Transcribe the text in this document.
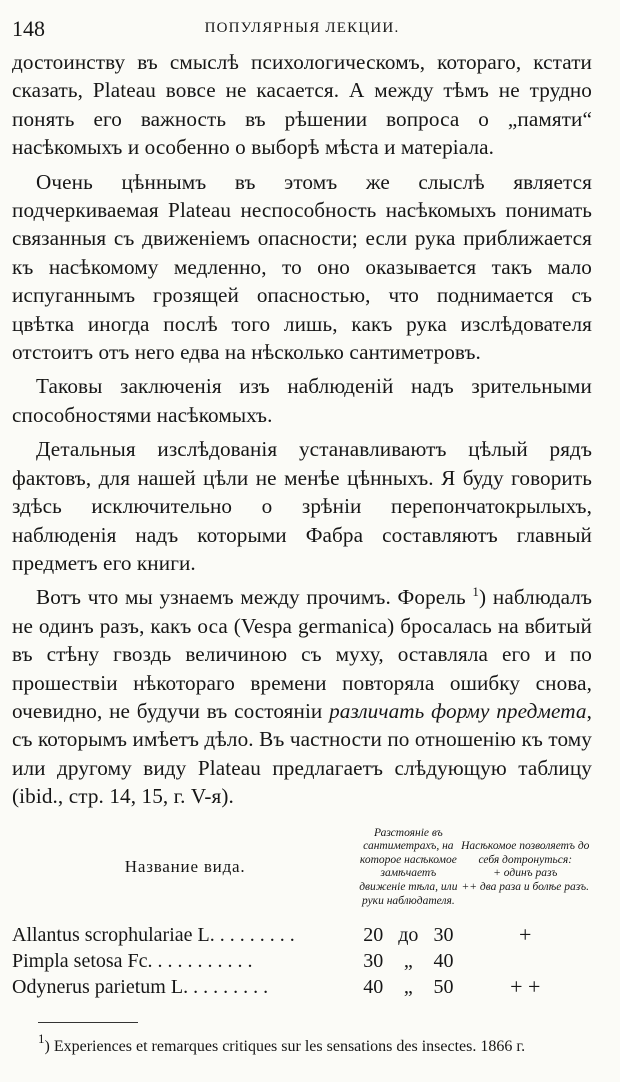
148	ПОПУЛЯРНЫЯ ЛЕКЦИИ.

достоинству въ смыслѣ психологическомъ, котораго, кстати сказать, Plateau вовсе не касается. А между тѣмъ не трудно понять его важность въ рѣшении вопроса о „памяти“ насѣкомыхъ и особенно о выборѣ мѣста и матеріала.

Очень цѣннымъ въ этомъ же слыслѣ является подчеркиваемая Plateau неспособность насѣкомыхъ понимать связанныя съ движеніемъ опасности; если рука приближается къ насѣкомому медленно, то оно оказывается такъ мало испуганнымъ грозящей опасностью, что поднимается съ цвѣтка иногда послѣ того лишь, какъ рука изслѣдователя отстоитъ отъ него едва на нѣсколько сантиметровъ.

Таковы заключенія изъ наблюденій надъ зрительными способностями насѣкомыхъ.

Детальныя изслѣдованія устанавливаютъ цѣлый рядъ фактовъ, для нашей цѣли не менѣе цѣнныхъ. Я буду говорить здѣсь исключительно о зрѣніи перепончатокрылыхъ, наблюденія надъ которыми Фабра составляютъ главный предметъ его книги.

Вотъ что мы узнаемъ между прочимъ. Форель $^1$) наблюдалъ не одинъ разъ, какъ оса (Vespa germanica) бросалась на вбитый въ стѣну гвоздь величиною съ муху, оставляла его и по прошествіи нѣкотораго времени повторяла ошибку снова, очевидно, не будучи въ состояніи различать форму предмета, съ которымъ имѣетъ дѣло. Въ частности по отношенію къ тому или другому виду Plateau предлагаетъ слѣдующую таблицу (ibid., стр. 14, 15, г. V-я).

Название вида.	Разстояніе въ сантиметрахъ, на которое насѣкомое замѣчаетъ движеніе тѣла, или руки наблюдателя.			Насѣкомое позволяетъ до себя дотронуться:
+ одинъ разъ
++ два раза и болѣе разъ.

Allantus scrophulariae L. . . . . . . . .	20	до	30	+
Pimpla setosa Fc. . . . . . . . . . .	30	„	40	
Odynerus parietum L. . . . . . . . .	40	„	50	+ +
$^1$) Experiences et remarques critiques sur les sensations des insectes. 1866 г.
